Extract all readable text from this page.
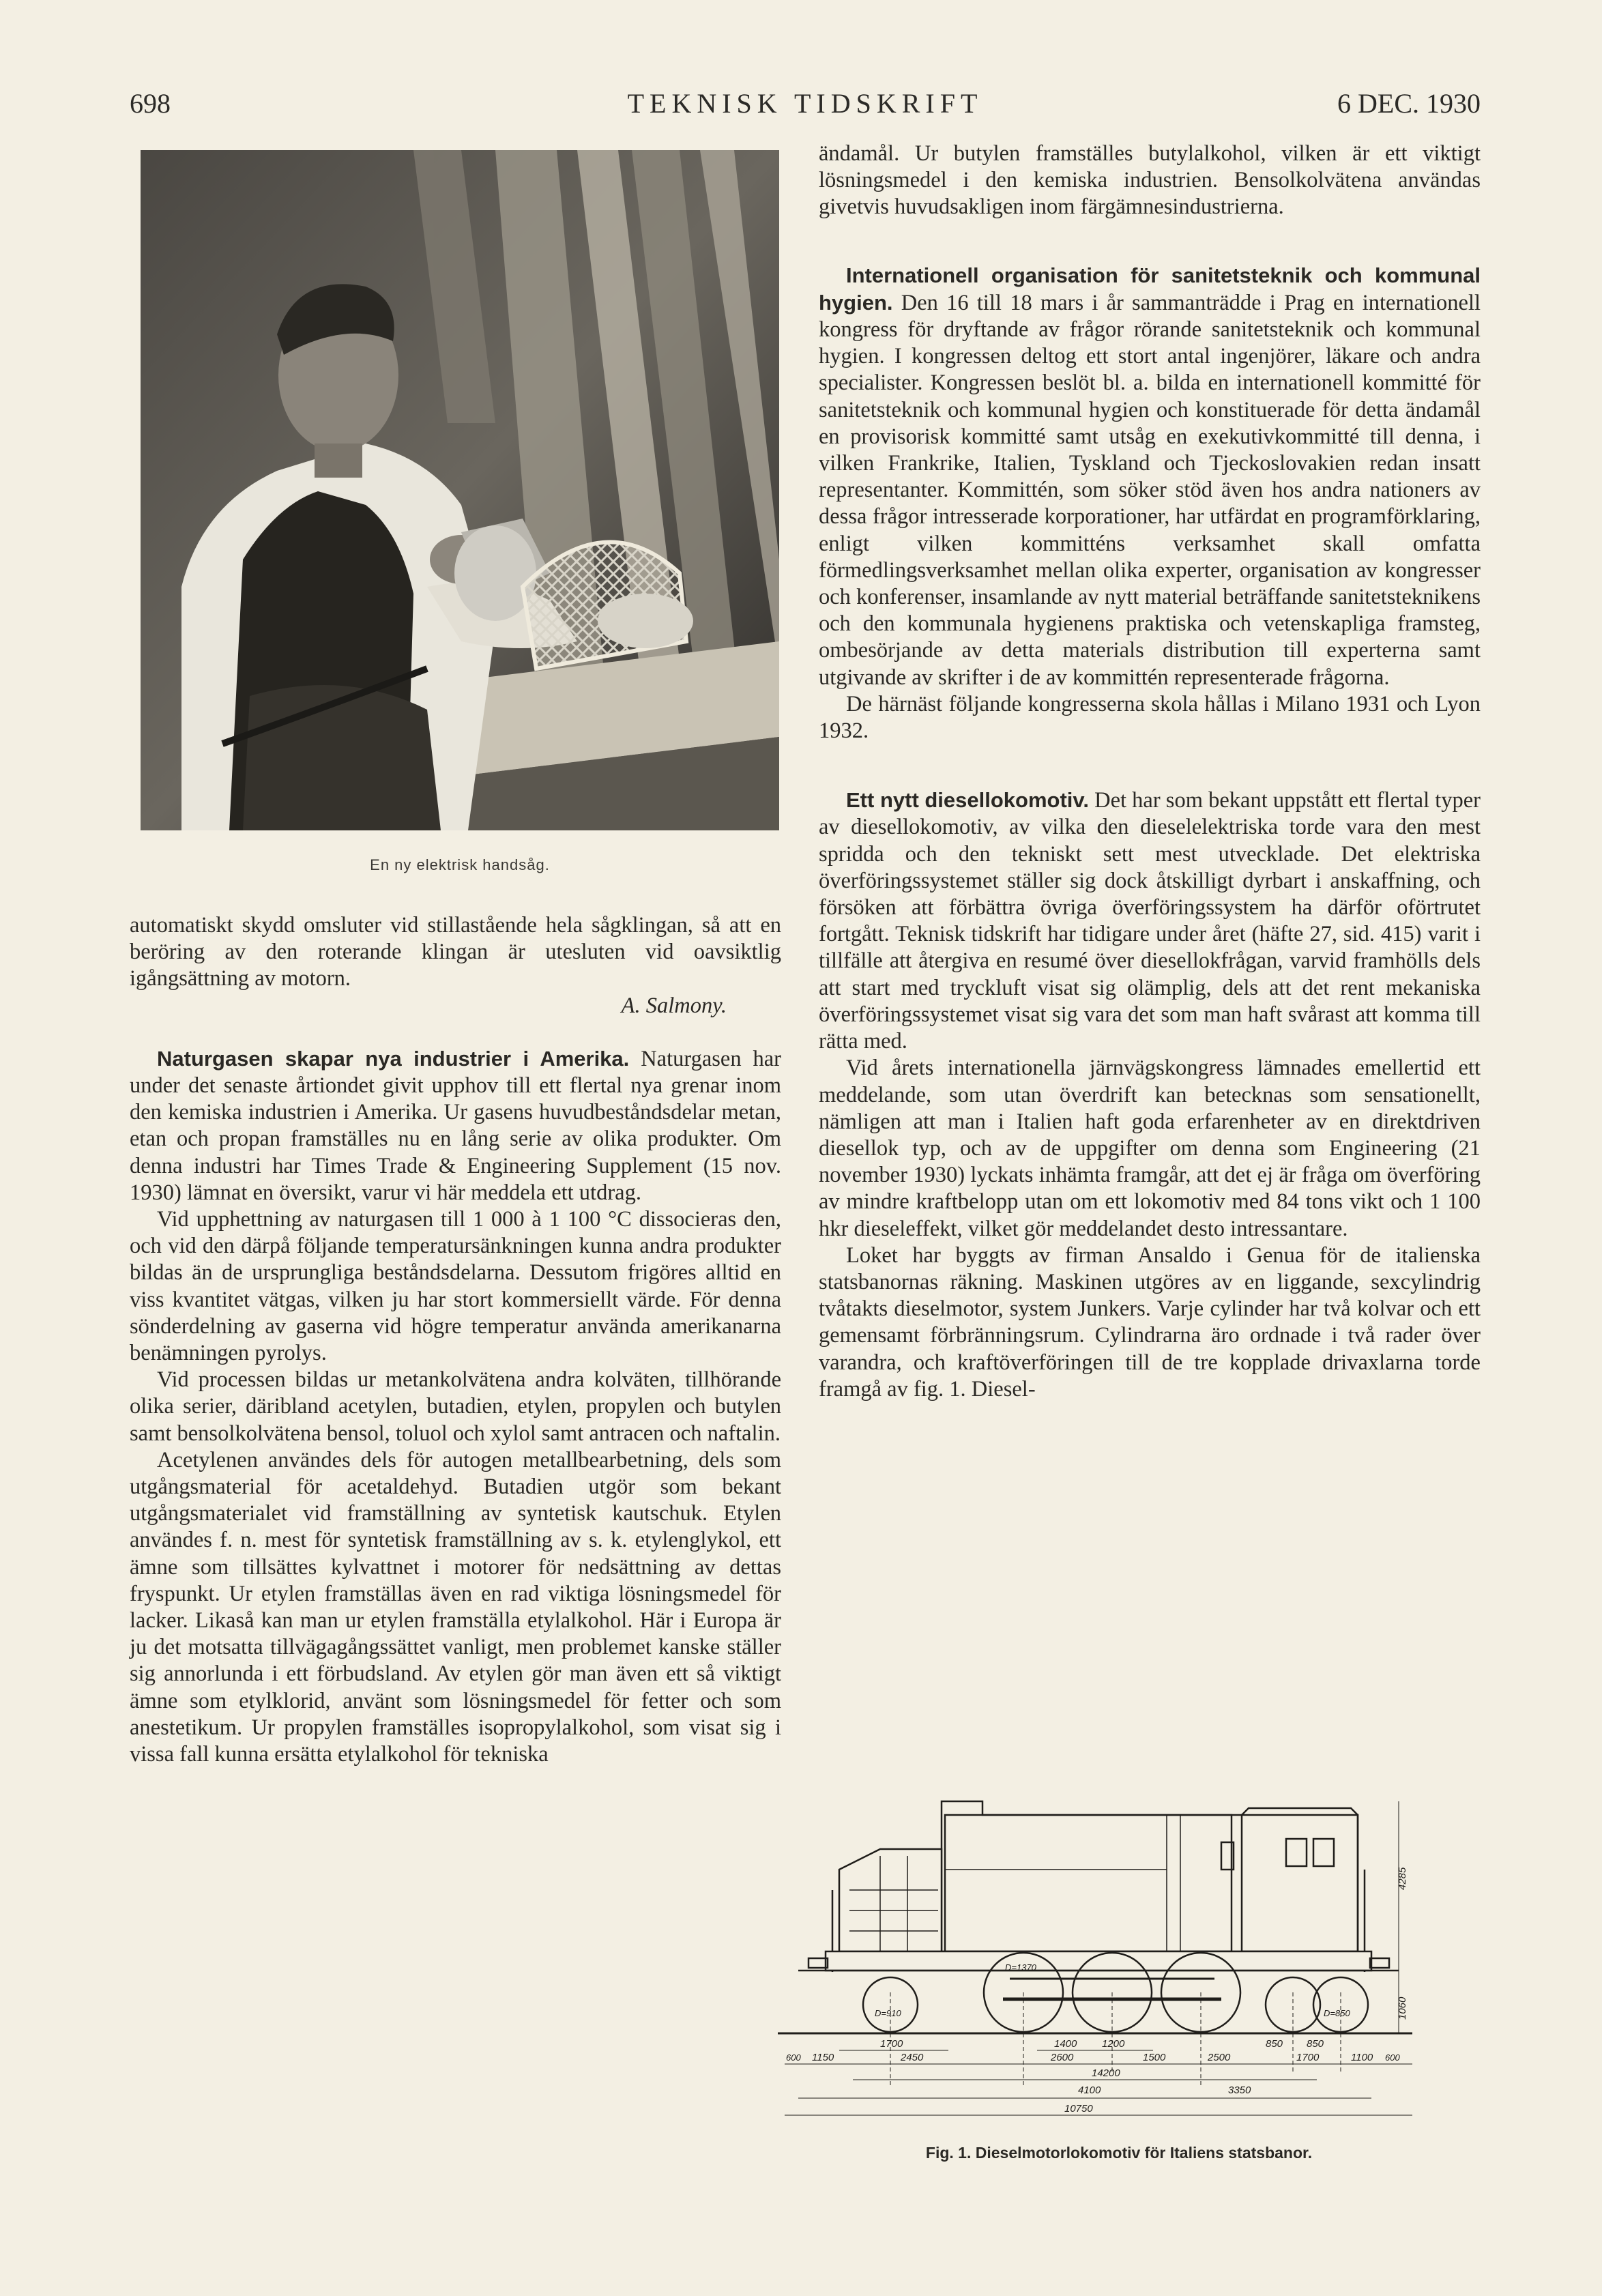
698	TEKNISK TIDSKRIFT	6 DEC. 1930
En ny elektrisk handsåg.

automatiskt skydd omsluter vid stillastående hela sågklingan, så att en beröring av den roterande klingan är utesluten vid oavsiktlig igångsättning av motorn.

A. Salmony.

Naturgasen skapar nya industrier i Amerika. Naturgasen har under det senaste årtiondet givit upphov till ett flertal nya grenar inom den kemiska industrien i Amerika. Ur gasens huvudbeståndsdelar metan, etan och propan framställes nu en lång serie av olika produkter. Om denna industri har Times Trade & Engineering Supplement (15 nov. 1930) lämnat en översikt, varur vi här meddela ett utdrag.

Vid upphettning av naturgasen till 1 000 à 1 100 °C dissocieras den, och vid den därpå följande temperatursänkningen kunna andra produkter bildas än de ursprungliga beståndsdelarna. Dessutom frigöres alltid en viss kvantitet vätgas, vilken ju har stort kommersiellt värde. För denna sönderdelning av gaserna vid högre temperatur använda amerikanarna benämningen pyrolys.

Vid processen bildas ur metankolvätena andra kolväten, tillhörande olika serier, däribland acetylen, butadien, etylen, propylen och butylen samt bensolkolvätena bensol, toluol och xylol samt antracen och naftalin.

Acetylenen användes dels för autogen metallbearbetning, dels som utgångsmaterial för acetaldehyd. Butadien utgör som bekant utgångsmaterialet vid framställning av syntetisk kautschuk. Etylen användes f. n. mest för syntetisk framställning av s. k. etylenglykol, ett ämne som tillsättes kylvattnet i motorer för nedsättning av dettas fryspunkt. Ur etylen framställas även en rad viktiga lösningsmedel för lacker. Likaså kan man ur etylen framställa etylalkohol. Här i Europa är ju det motsatta tillvägagångssättet vanligt, men problemet kanske ställer sig annorlunda i ett förbudsland. Av etylen gör man även ett så viktigt ämne som etylklorid, använt som lösningsmedel för fetter och som anestetikum. Ur propylen framställes isopropylalkohol, som visat sig i vissa fall kunna ersätta etylalkohol för tekniska

ändamål. Ur butylen framställes butylalkohol, vilken är ett viktigt lösningsmedel i den kemiska industrien. Bensolkolvätena användas givetvis huvudsakligen inom färgämnesindustrierna.

Internationell organisation för sanitetsteknik och kommunal hygien. Den 16 till 18 mars i år sammanträdde i Prag en internationell kongress för dryftande av frågor rörande sanitetsteknik och kommunal hygien. I kongressen deltog ett stort antal ingenjörer, läkare och andra specialister. Kongressen beslöt bl. a. bilda en internationell kommitté för sanitetsteknik och kommunal hygien och konstituerade för detta ändamål en provisorisk kommitté samt utsåg en exekutivkommitté till denna, i vilken Frankrike, Italien, Tyskland och Tjeckoslovakien redan insatt representanter. Kommittén, som söker stöd även hos andra nationers av dessa frågor intresserade korporationer, har utfärdat en programförklaring, enligt vilken kommitténs verksamhet skall omfatta förmedlingsverksamhet mellan olika experter, organisation av kongresser och konferenser, insamlande av nytt material beträffande sanitetsteknikens och den kommunala hygienens praktiska och vetenskapliga framsteg, ombesörjande av detta materials distribution till experterna samt utgivande av skrifter i de av kommittén representerade frågorna.

De härnäst följande kongresserna skola hållas i Milano 1931 och Lyon 1932.

Ett nytt diesellokomotiv. Det har som bekant uppstått ett flertal typer av diesellokomotiv, av vilka den dieselelektriska torde vara den mest spridda och den tekniskt sett mest utvecklade. Det elektriska överföringssystemet ställer sig dock åtskilligt dyrbart i anskaffning, och försöken att förbättra övriga överföringssystem ha därför oförtrutet fortgått. Teknisk tidskrift har tidigare under året (häfte 27, sid. 415) varit i tillfälle att återgiva en resumé över diesellokfrågan, varvid framhölls dels att start med tryckluft visat sig olämplig, dels att det rent mekaniska överföringssystemet visat sig vara det som man haft svårast att komma till rätta med.

Vid årets internationella järnvägskongress lämnades emellertid ett meddelande, som utan överdrift kan betecknas som sensationellt, nämligen att man i Italien haft goda erfarenheter av en direktdriven diesellok typ, och av de uppgifter om denna som Engineering (21 november 1930) lyckats inhämta framgår, att det ej är fråga om överföring av mindre kraftbelopp utan om ett lokomotiv med 84 tons vikt och 1 100 hkr dieseleffekt, vilket gör meddelandet desto intressantare.

Loket har byggts av firman Ansaldo i Genua för de italienska statsbanornas räkning. Maskinen utgöres av en liggande, sexcylindrig tvåtakts dieselmotor, system Junkers. Varje cylinder har två kolvar och ett gemensamt förbränningsrum. Cylindrarna äro ordnade i två rader över varandra, och kraftöverföringen till de tre kopplade drivaxlarna torde framgå av fig. 1. Diesel-

D=910
D=1370
D=850
1700	1400 1200
600 1150	2450	2600	1500	2500
850 850
1700	1100 600
14200
4100	3350
10750
4285
1060
Fig. 1. Dieselmotorlokomotiv för Italiens statsbanor.
